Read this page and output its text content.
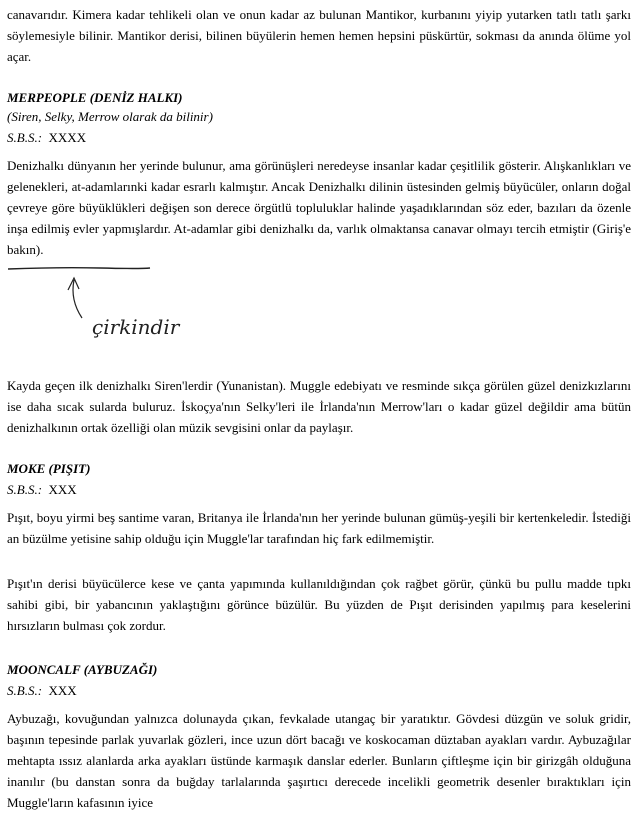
canavarıdır. Kimera kadar tehlikeli olan ve onun kadar az bulunan Mantikor, kurbanını yiyip yutarken tatlı tatlı şarkı söylemesiyle bilinir. Mantikor derisi, bilinen büyülerin hemen hemen hepsini püskürtür, sokması da anında ölüme yol açar.
MERPEOPLE (DENİZ HALKI)
(Siren, Selky, Merrow olarak da bilinir)
S.B.S.: XXXX
Denizhalkı dünyanın her yerinde bulunur, ama görünüşleri neredeyse insanlar kadar çeşitlilik gösterir. Alışkanlıkları ve gelenekleri, at-adamlarınki kadar esrarlı kalmıştır. Ancak Denizhalkı dilinin üstesinden gelmiş büyücüler, onların doğal çevreye göre büyüklükleri değişen son derece örgütlü topluluklar halinde yaşadıklarından söz eder, bazıları da özenle inşa edilmiş evler yapmışlardır. At-adamlar gibi denizhalkı da, varlık olmaktansa canavar olmayı tercih etmiştir (Giriş'e bakın).
çirkindir
Kayda geçen ilk denizhalkı Siren'lerdir (Yunanistan). Muggle edebiyatı ve resminde sıkça görülen güzel denizkızlarını ise daha sıcak sularda buluruz. İskoçya'nın Selky'leri ile İrlanda'nın Merrow'ları o kadar güzel değildir ama bütün denizhalkının ortak özelliği olan müzik sevgisini onlar da paylaşır.
MOKE (PIŞIT)
S.B.S.: XXX
Pışıt, boyu yirmi beş santime varan, Britanya ile İrlanda'nın her yerinde bulunan gümüş-yeşili bir kertenkeledir. İstediği an büzülme yetisine sahip olduğu için Muggle'lar tarafından hiç fark edilmemiştir.
Pışıt'ın derisi büyücülerce kese ve çanta yapımında kullanıldığından çok rağbet görür, çünkü bu pullu madde tıpkı sahibi gibi, bir yabancının yaklaştığını görünce büzülür. Bu yüzden de Pışıt derisinden yapılmış para keselerini hırsızların bulması çok zordur.
MOONCALF (AYBUZAĞI)
S.B.S.: XXX
Aybuzağı, kovuğundan yalnızca dolunayda çıkan, fevkalade utangaç bir yaratıktır. Gövdesi düzgün ve soluk gridir, başının tepesinde parlak yuvarlak gözleri, ince uzun dört bacağı ve koskocaman düztaban ayakları vardır. Aybuzağılar mehtapta ıssız alanlarda arka ayakları üstünde karmaşık danslar ederler. Bunların çiftleşme için bir girizgâh olduğuna inanılır (bu danstan sonra da buğday tarlalarında şaşırtıcı derecede incelikli geometrik desenler bıraktıkları için Muggle'ların kafasının iyice
